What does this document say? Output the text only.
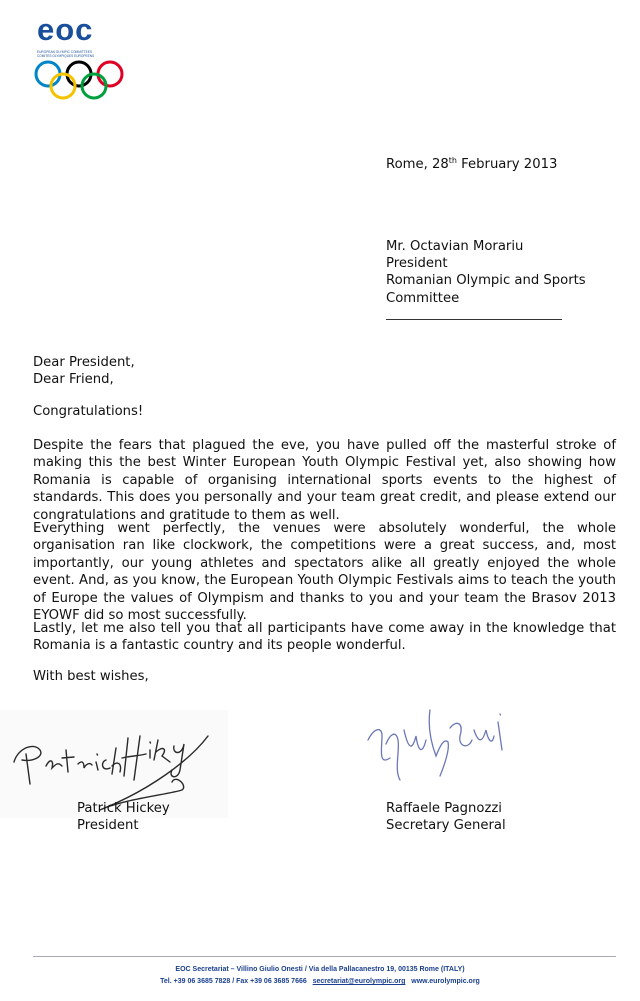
eoc
EUROPEAN OLYMPIC COMMITTEES
COMITES OLYMPIQUES EUROPEENS
Rome, 28th February 2013
Mr. Octavian Morariu
President
Romanian Olympic and Sports
Committee
Dear President,
Dear Friend,

Congratulations!

Despite the fears that plagued the eve, you have pulled off the masterful stroke of making this the best Winter European Youth Olympic Festival yet, also showing how Romania is capable of organising international sports events to the highest of standards. This does you personally and your team great credit, and please extend our congratulations and gratitude to them as well.

Everything went perfectly, the venues were absolutely wonderful, the whole organisation ran like clockwork, the competitions were a great success, and, most importantly, our young athletes and spectators alike all greatly enjoyed the whole event. And, as you know, the European Youth Olympic Festivals aims to teach the youth of Europe the values of Olympism and thanks to you and your team the Brasov 2013 EYOWF did so most successfully.

Lastly, let me also tell you that all participants have come away in the knowledge that Romania is a fantastic country and its people wonderful.

With best wishes,

Patrick Hickey
President
Raffaele Pagnozzi
Secretary General
EOC Secretariat – Villino Giulio Onesti / Via della Pallacanestro 19, 00135 Rome (ITALY)
Tel. +39 06 3685 7828 / Fax +39 06 3685 7666 secretariat@eurolympic.org www.eurolympic.org
